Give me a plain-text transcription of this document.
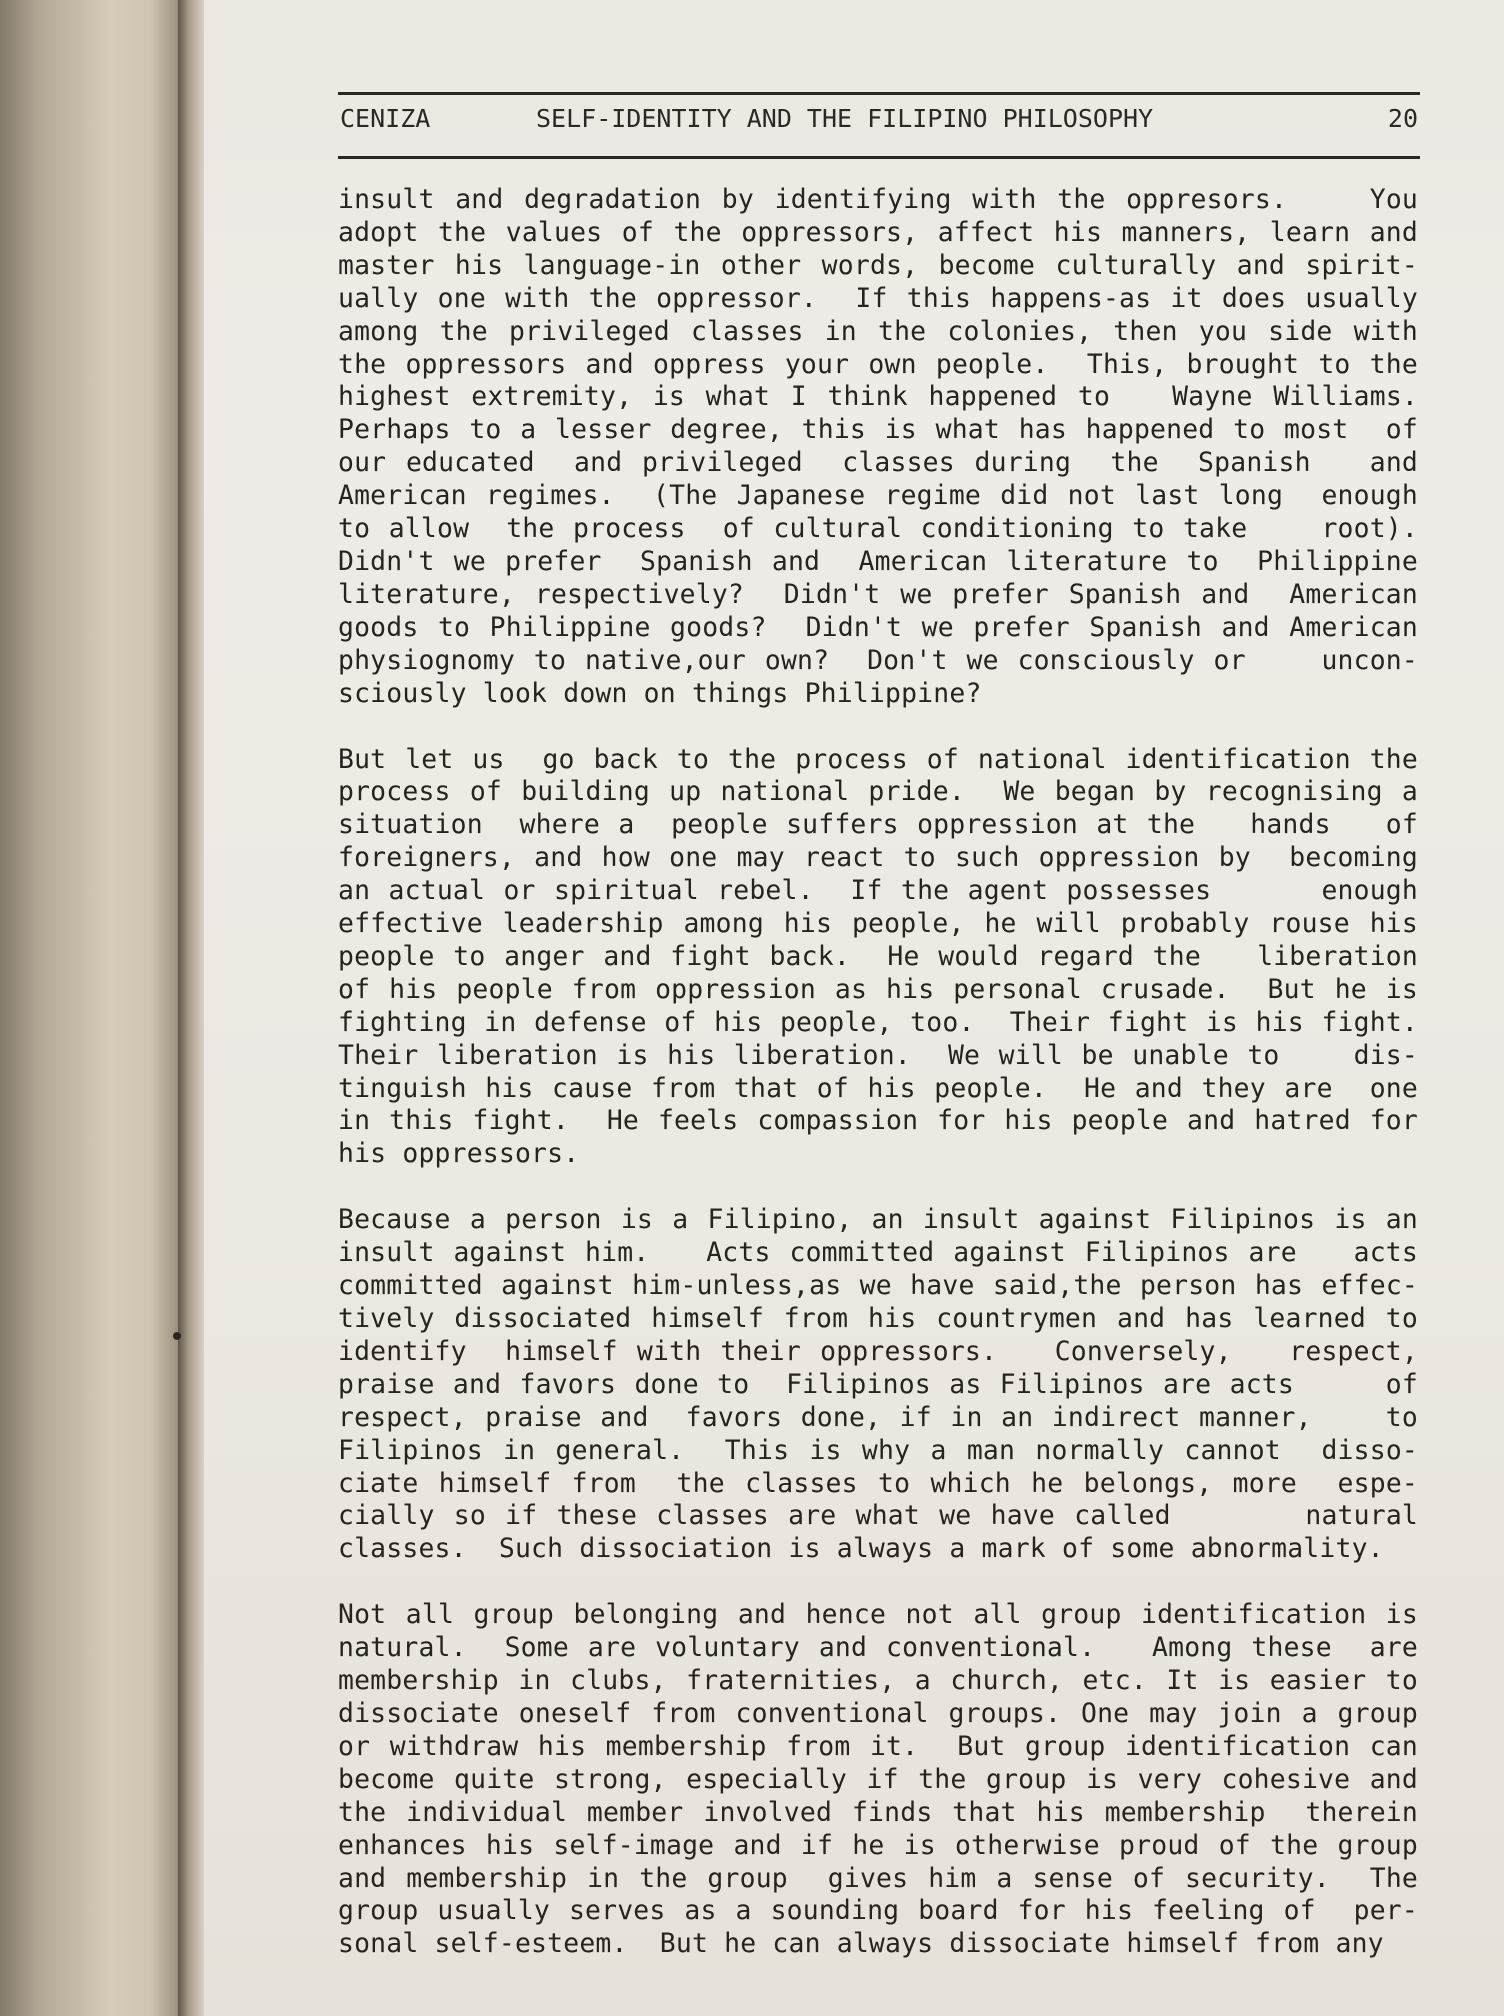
CENIZA	SELF-IDENTITY AND THE FILIPINO PHILOSOPHY	20
insult and degradation by identifying with the oppresors.    You
adopt the values of the oppressors, affect his manners, learn and
master his language-in other words, become culturally and spirit-
ually one with the oppressor.  If this happens-as it does usually
among the privileged classes in the colonies, then you side with
the oppressors and oppress your own people.  This, brought to the
highest extremity, is what I think happened to   Wayne Williams.
Perhaps to a lesser degree, this is what has happened to most  of
our educated  and privileged  classes during  the  Spanish   and
American regimes.  (The Japanese regime did not last long  enough
to allow  the process  of cultural conditioning to take    root).
Didn't we prefer  Spanish and  American literature to  Philippine
literature, respectively?  Didn't we prefer Spanish and  American
goods to Philippine goods?  Didn't we prefer Spanish and American
physiognomy to native,our own?  Don't we consciously or    uncon-
sciously look down on things Philippine?
But let us  go back to the process of national identification the
process of building up national pride.  We began by recognising a
situation  where a  people suffers oppression at the   hands   of
foreigners, and how one may react to such oppression by  becoming
an actual or spiritual rebel.  If the agent possesses      enough
effective leadership among his people, he will probably rouse his
people to anger and fight back.  He would regard the   liberation
of his people from oppression as his personal crusade.  But he is
fighting in defense of his people, too.  Their fight is his fight.
Their liberation is his liberation.  We will be unable to    dis-
tinguish his cause from that of his people.  He and they are  one
in this fight.  He feels compassion for his people and hatred for
his oppressors.
Because a person is a Filipino, an insult against Filipinos is an
insult against him.   Acts committed against Filipinos are   acts
committed against him-unless,as we have said,the person has effec-
tively dissociated himself from his countrymen and has learned to
identify  himself with their oppressors.   Conversely,   respect,
praise and favors done to  Filipinos as Filipinos are acts     of
respect, praise and  favors done, if in an indirect manner,    to
Filipinos in general.  This is why a man normally cannot  disso-
ciate himself from  the classes to which he belongs, more  espe-
cially so if these classes are what we have called       natural
classes.  Such dissociation is always a mark of some abnormality.
Not all group belonging and hence not all group identification is
natural.  Some are voluntary and conventional.   Among these  are
membership in clubs, fraternities, a church, etc. It is easier to
dissociate oneself from conventional groups. One may join a group
or withdraw his membership from it.  But group identification can
become quite strong, especially if the group is very cohesive and
the individual member involved finds that his membership  therein
enhances his self-image and if he is otherwise proud of the group
and membership in the group  gives him a sense of security.  The
group usually serves as a sounding board for his feeling of  per-
sonal self-esteem.  But he can always dissociate himself from any
